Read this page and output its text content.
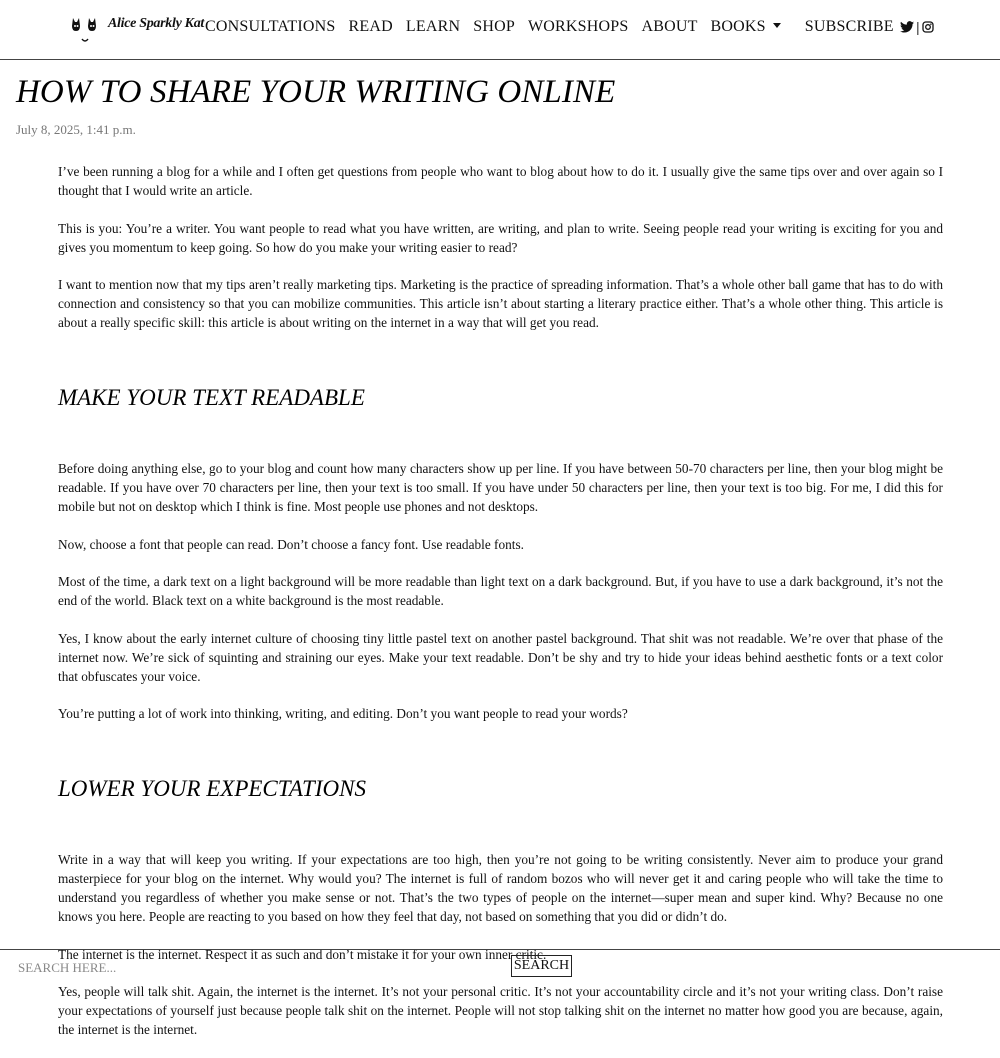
Alice Sparkly Kat CONSULTATIONS READ LEARN SHOP WORKSHOPS ABOUT BOOKS	SUBSCRIBE |
HOW TO SHARE YOUR WRITING ONLINE
July 8, 2025, 1:41 p.m.

I’ve been running a blog for a while and I often get questions from people who want to blog about how to do it. I usually give the same tips over and over again so I thought that I would write an article.

This is you: You’re a writer. You want people to read what you have written, are writing, and plan to write. Seeing people read your writing is exciting for you and gives you momentum to keep going. So how do you make your writing easier to read?

I want to mention now that my tips aren’t really marketing tips. Marketing is the practice of spreading information. That’s a whole other ball game that has to do with connection and consistency so that you can mobilize communities. This article isn’t about starting a literary practice either. That’s a whole other thing. This article is about a really specific skill: this article is about writing on the internet in a way that will get you read.

MAKE YOUR TEXT READABLE

Before doing anything else, go to your blog and count how many characters show up per line. If you have between 50-70 characters per line, then your blog might be readable. If you have over 70 characters per line, then your text is too small. If you have under 50 characters per line, then your text is too big. For me, I did this for mobile but not on desktop which I think is fine. Most people use phones and not desktops.

Now, choose a font that people can read. Don’t choose a fancy font. Use readable fonts.

Most of the time, a dark text on a light background will be more readable than light text on a dark background. But, if you have to use a dark background, it’s not the end of the world. Black text on a white background is the most readable.

Yes, I know about the early internet culture of choosing tiny little pastel text on another pastel background. That shit was not readable. We’re over that phase of the internet now. We’re sick of squinting and straining our eyes. Make your text readable. Don’t be shy and try to hide your ideas behind aesthetic fonts or a text color that obfuscates your voice.

You’re putting a lot of work into thinking, writing, and editing. Don’t you want people to read your words?

LOWER YOUR EXPECTATIONS

Write in a way that will keep you writing. If your expectations are too high, then you’re not going to be writing consistently. Never aim to produce your grand masterpiece for your blog on the internet. Why would you? The internet is full of random bozos who will never get it and caring people who will take the time to understand you regardless of whether you make sense or not. That’s the two types of people on the internet—super mean and super kind. Why? Because no one knows you here. People are reacting to you based on how they feel that day, not based on something that you did or didn’t do.

The internet is the internet. Respect it as such and don’t mistake it for your own inner critic.

Yes, people will talk shit. Again, the internet is the internet. It’s not your personal critic. It’s not your accountability circle and it’s not your writing class. Don’t raise your expectations of yourself just because people talk shit on the internet. People will not stop talking shit on the internet no matter how good you are because, again, the internet is the internet.

SEARCH HERE...
SEARCH
